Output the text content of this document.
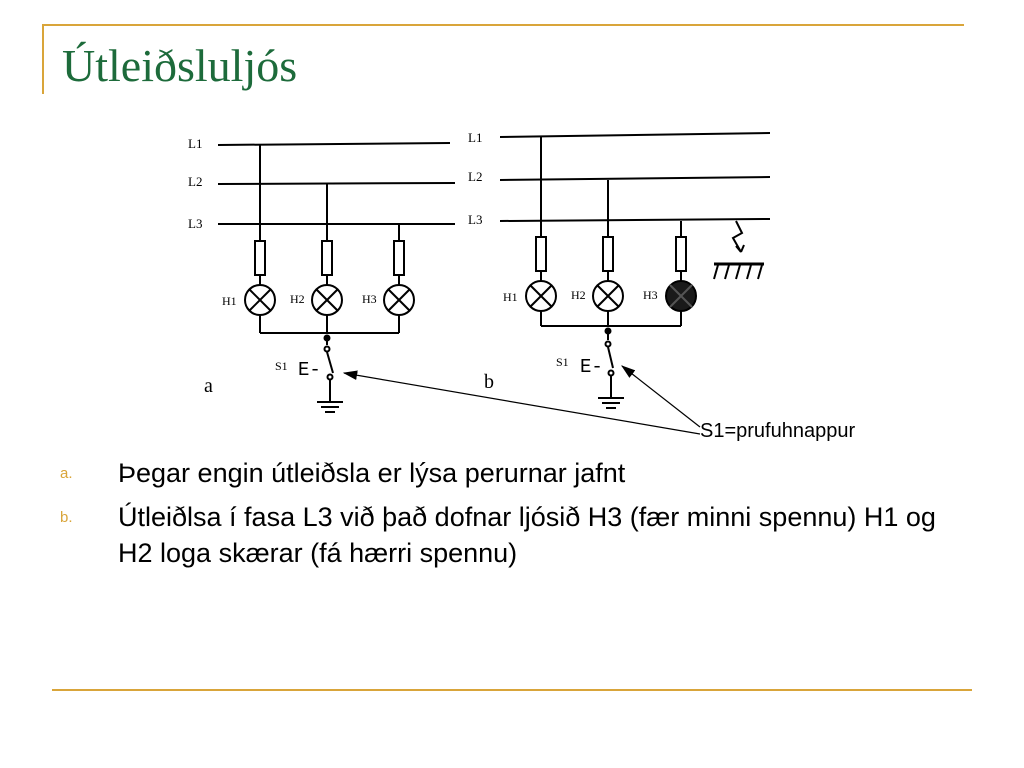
Útleiðsluljós
L1
L2
L3
H1	H2	H3
S1 E-
a
L1
L2
L3
H1	H2	H3
S1 E-
b
S1=prufuhnappur
a.	Þegar engin útleiðsla er lýsa perurnar jafnt
b.	Útleiðlsa í fasa L3 við það dofnar ljósið H3 (fær minni spennu) H1 og H2 loga skærar (fá hærri spennu)
